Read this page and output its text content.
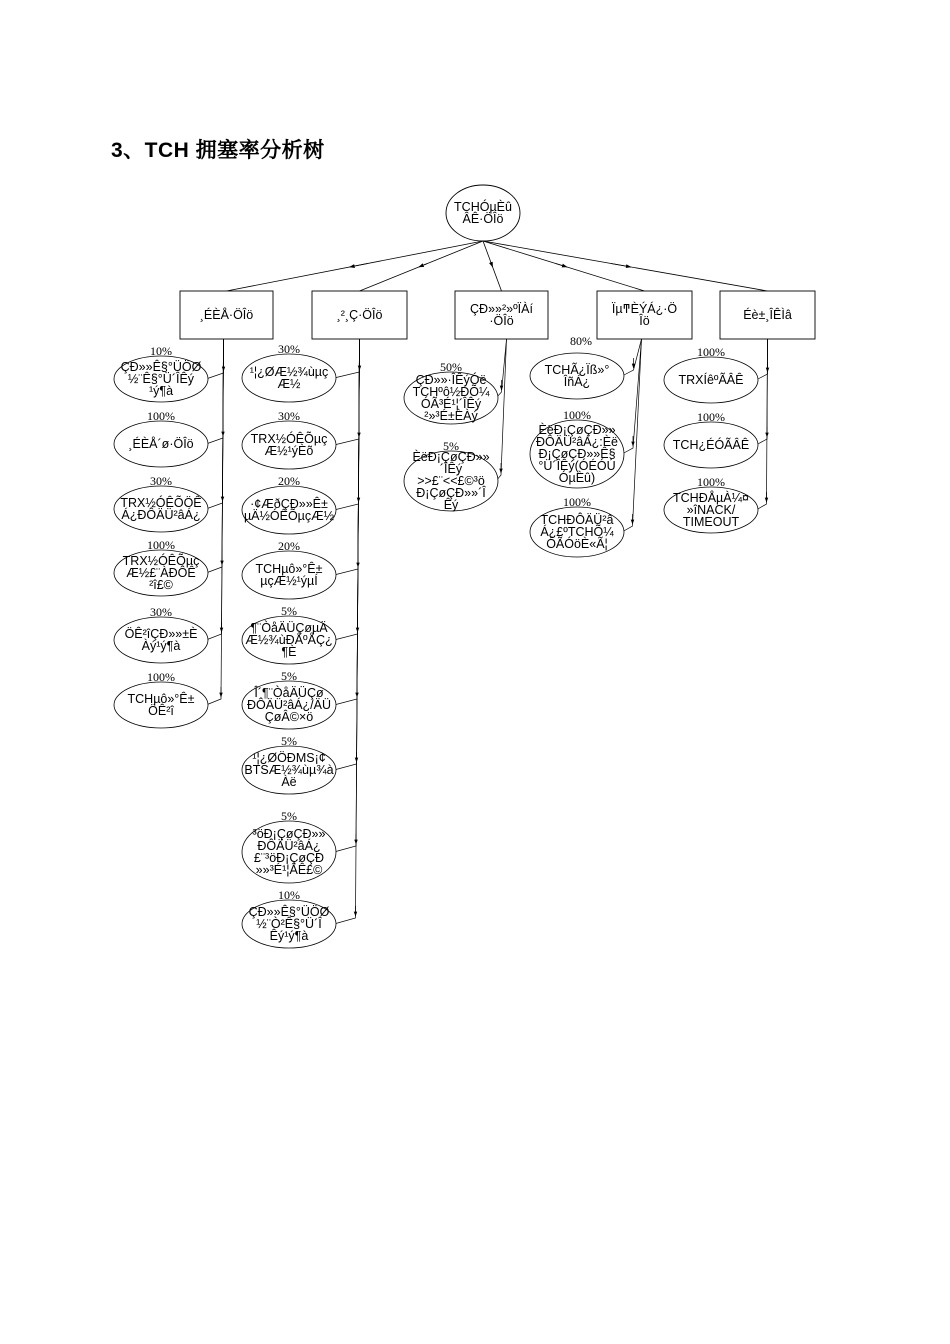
3、TCH 拥塞率分析树
TCHÓµÈû
ÂÊ·ÖÎö
¸ÉÈÅ·ÖÎö
ÇÐ»»Ê§°ÜÖØ
½¨Ê§°Ü´ÎÊý
¹ý¶à
10%
¸ÉÈÅ´ø·ÖÎö
100%
TRX½ÓÊÕÖÊ
Á¿ÐÔÄÜ²âÁ¿
30%
TRX½ÓÊÕµç
Æ½£¨ÀÐÔÊ
²î£©
100%
ÖÊ²îÇÐ»»±È
Àý¹ý¶à
30%
TCHµô»°Ê±
ÖÊ²î
100%
¸²¸Ç·ÖÎö
¹¦¿ØÆ½¾ùµç
Æ½
30%
TRX½ÓÊÕµç
Æ½¹ýÈõ
30%
·¢ÆðÇÐ»»Ê±
µÄ½ÓÊÕµçÆ½
20%
TCHµô»°Ê±
µçÆ½¹ýµÍ
20%
¶¨ÒåÄÜÇøµÄ
Æ½¾ùÐÅºÅÇ¿
¶È
5%
Î´¶¨ÒåÄÜÇø
ÐÔÄÜ²âÁ¿/ÄÜ
ÇøÂ©×ö
5%
¹¦¿ØÖÐMS¡¢
BTSÆ½¾ùµ¾à
Àë
5%
³öÐ¡ÇøÇÐ»»
ÐÔÄÜ²âÁ¿
£¨³öÐ¡ÇøÇÐ
»»³É¹¦ÂÊ£©
5%
ÇÐ»»Ê§°ÜÖØ
½¨Ò²Ê§°Ü´Î
Êý¹ý¶à
10%
ÇÐ»»²»ºÏÀí
·ÖÎö
ÇÐ»»·ÎÊýÓë
TCHºô½ÐÕ¼
ÓÃ³É¹¦´ÎÊý
²»³É±ÈÀý
50%
ÈëÐ¡ÇøÇÐ»»
´ÎÊý
>>£¨<<£©³ö
Ð¡ÇøÇÐ»»´Î
Êý
5%
ÏµͳÈÝÁ¿·Ö
Îö
80%
TCHÃ¿Ïß»°
ÎñÁ¿
ÈëÐ¡ÇøÇÐ»»
ÐÔÄÜ²âÁ¿:Èë
Ð¡ÇøÇÐ»»Ê§
°Ü´ÎÊý(ÓÉÓÚ
ÓµÈû)
100%
TCHÐÔÄÜ²â
Á¿£ºTCHÕ¼
ÓÃÓöÈ«Ã¦
100%
Éè±¸ÎÊÌâ
TRXÍêºÃÂÊ
100%
TCH¿ÉÓÃÂÊ
100%
TCHÐÅµÀ¼¤
»îNACK/
TIMEOUT
100%
